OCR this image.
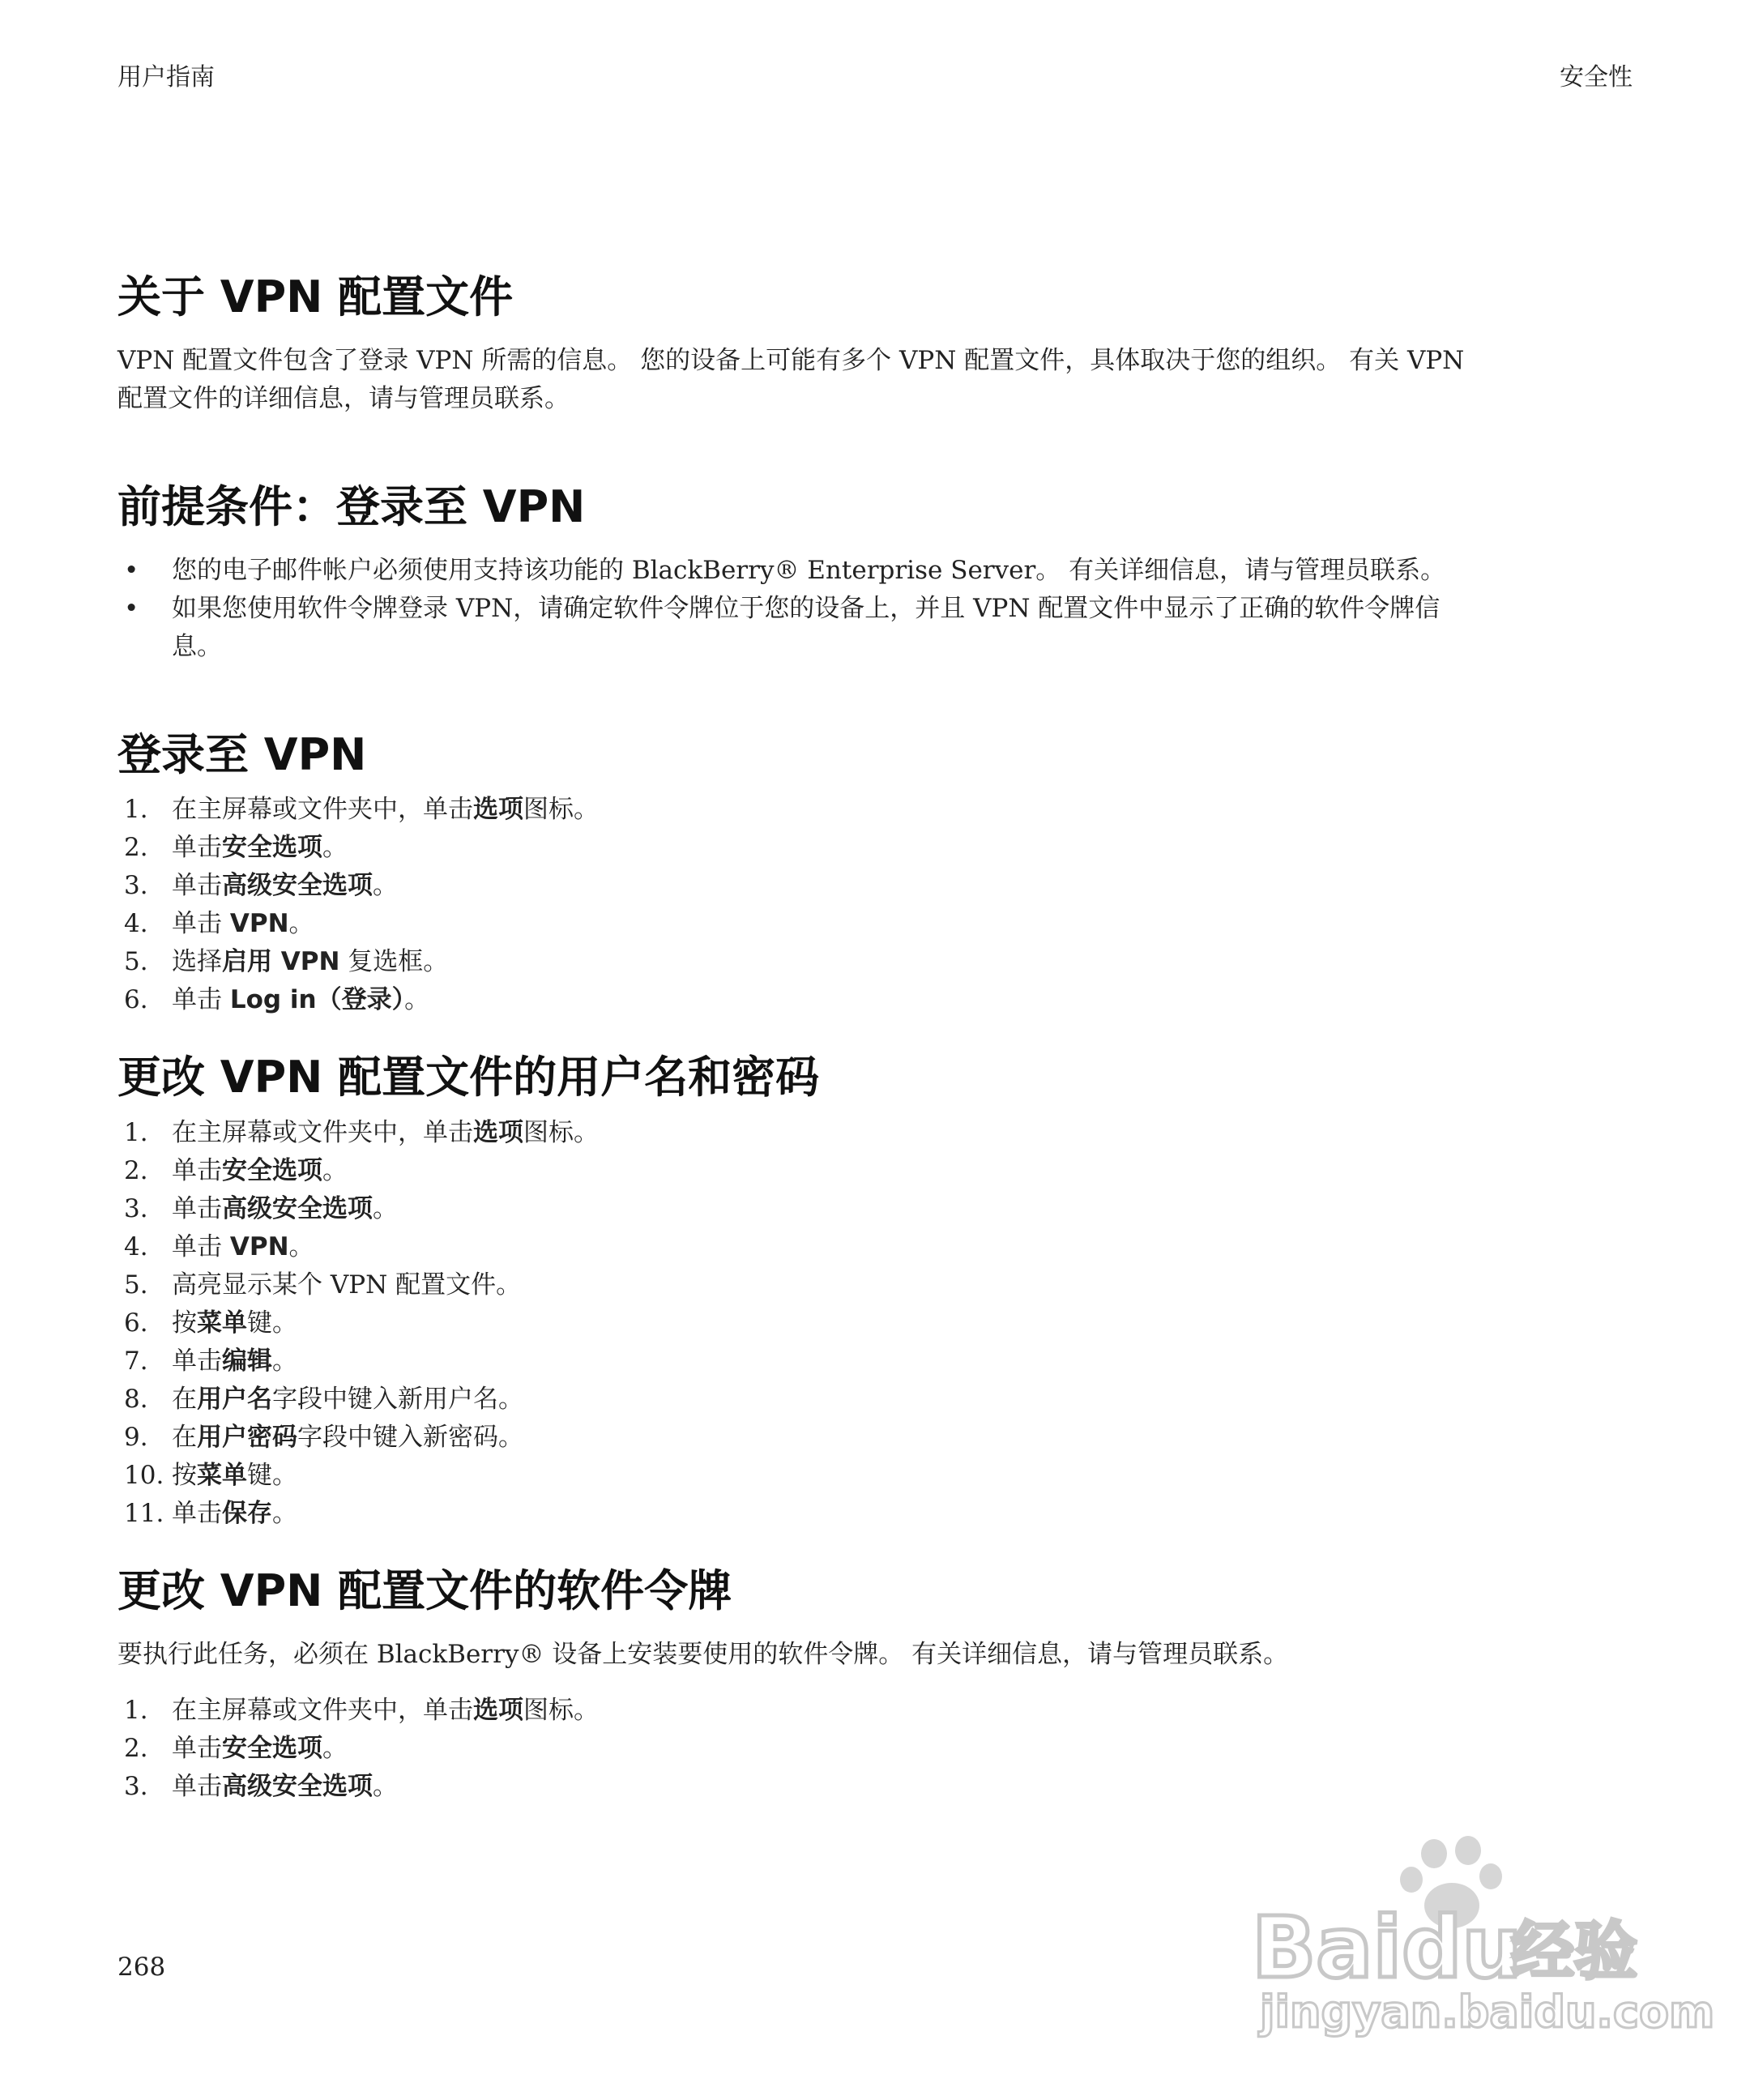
用户指南	安全性
关于 VPN 配置文件

VPN 配置文件包含了登录 VPN 所需的信息。 您的设备上可能有多个 VPN 配置文件，具体取决于您的组织。 有关 VPN
配置文件的详细信息，请与管理员联系。

前提条件：登录至 VPN
• 您的电子邮件帐户必须使用支持该功能的 BlackBerry® Enterprise Server。 有关详细信息，请与管理员联系。
• 如果您使用软件令牌登录 VPN，请确定软件令牌位于您的设备上，并且 VPN 配置文件中显示了正确的软件令牌信
息。
登录至 VPN
1. 在主屏幕或文件夹中，单击选项图标。
2. 单击安全选项。
3. 单击高级安全选项。
4. 单击 VPN。
5. 选择启用 VPN 复选框。
6. 单击 Log in（登录）。
更改 VPN 配置文件的用户名和密码
1. 在主屏幕或文件夹中，单击选项图标。
2. 单击安全选项。
3. 单击高级安全选项。
4. 单击 VPN。
5. 高亮显示某个 VPN 配置文件。
6. 按菜单键。
7. 单击编辑。
8. 在用户名字段中键入新用户名。
9. 在用户密码字段中键入新密码。
10. 按菜单键。
11. 单击保存。
更改 VPN 配置文件的软件令牌

要执行此任务，必须在 BlackBerry® 设备上安装要使用的软件令牌。 有关详细信息，请与管理员联系。

1. 在主屏幕或文件夹中，单击选项图标。
2. 单击安全选项。
3. 单击高级安全选项。
268	Baidu
经验
jingyan.baidu.com
